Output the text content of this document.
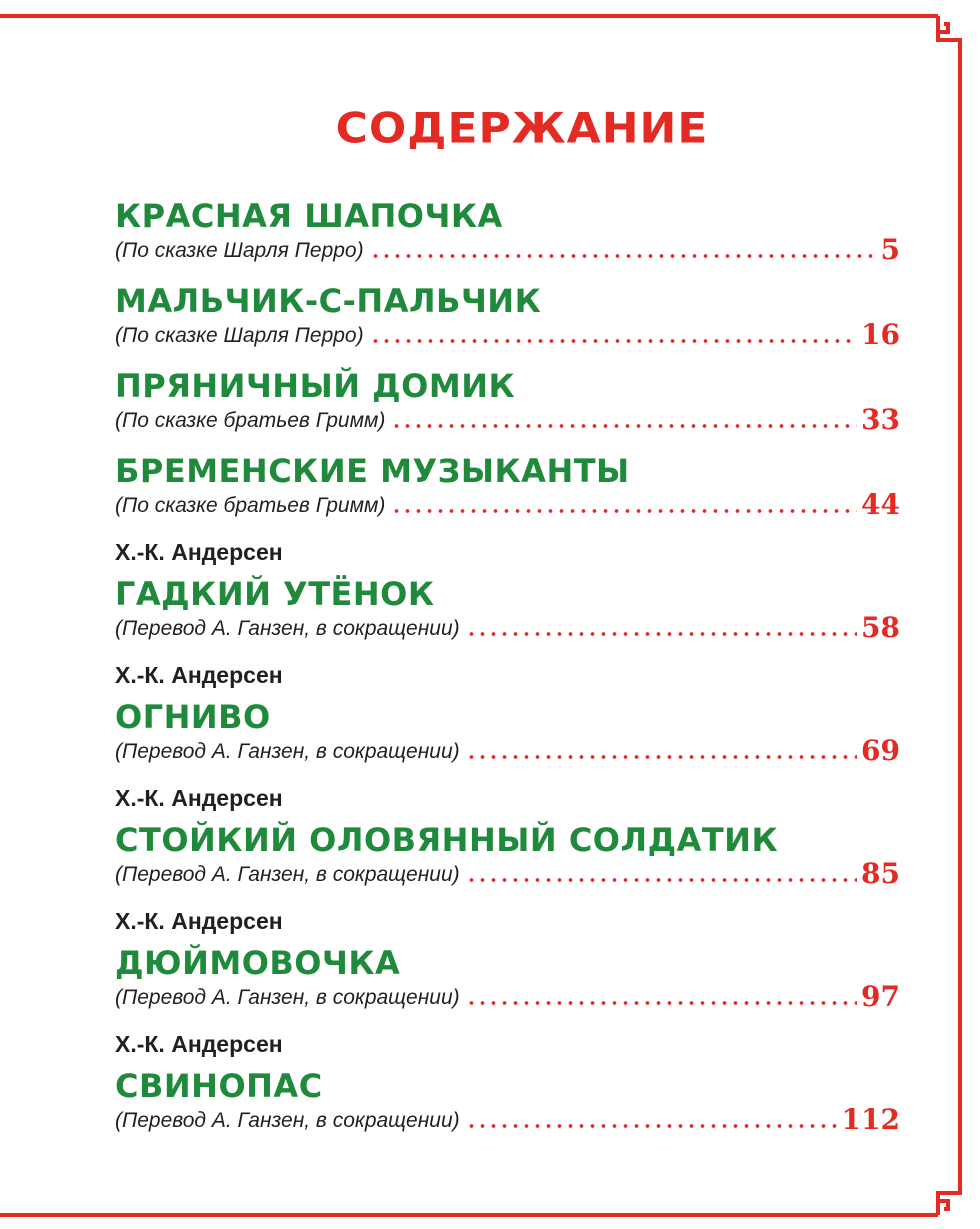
СОДЕРЖАНИЕ
КРАСНАЯ ШАПОЧКА
(По сказке Шарля Перро)	5
МАЛЬЧИК-С-ПАЛЬЧИК
(По сказке Шарля Перро)	16
ПРЯНИЧНЫЙ ДОМИК
(По сказке братьев Гримм)	33
БРЕМЕНСКИЕ МУЗЫКАНТЫ
(По сказке братьев Гримм)	44
Х.-К. Андерсен
ГАДКИЙ УТЁНОК
(Перевод А. Ганзен, в сокращении)	58
Х.-К. Андерсен
ОГНИВО
(Перевод А. Ганзен, в сокращении)	69
Х.-К. Андерсен
СТОЙКИЙ ОЛОВЯННЫЙ СОЛДАТИК
(Перевод А. Ганзен, в сокращении)	85
Х.-К. Андерсен
ДЮЙМОВОЧКА
(Перевод А. Ганзен, в сокращении)	97
Х.-К. Андерсен
СВИНОПАС
(Перевод А. Ганзен, в сокращении)	112
